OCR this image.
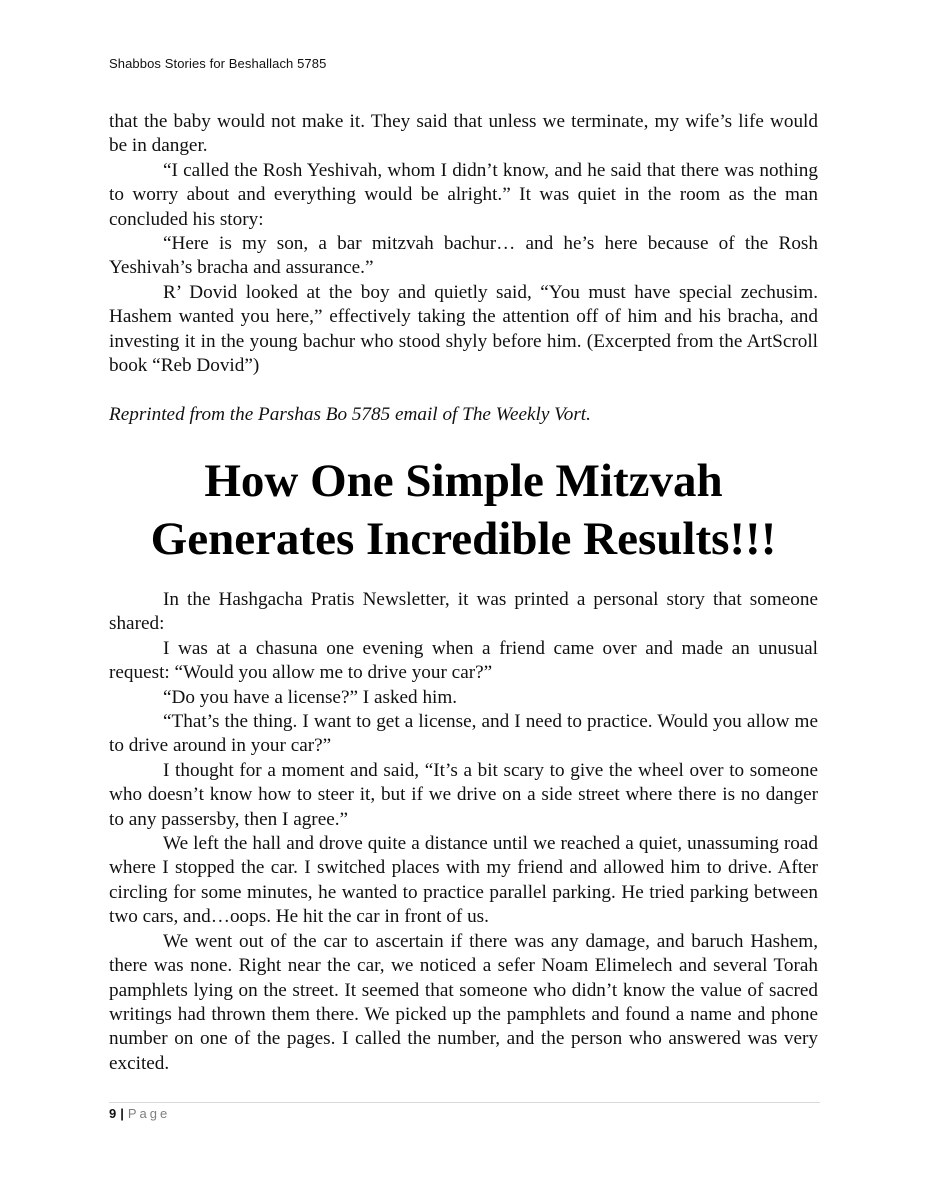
Shabbos Stories for Beshallach 5785

that the baby would not make it. They said that unless we terminate, my wife’s life would be in danger.

“I called the Rosh Yeshivah, whom I didn’t know, and he said that there was nothing to worry about and everything would be alright.” It was quiet in the room as the man concluded his story:

“Here is my son, a bar mitzvah bachur… and he’s here because of the Rosh Yeshivah’s bracha and assurance.”

R’ Dovid looked at the boy and quietly said, “You must have special zechusim. Hashem wanted you here,” effectively taking the attention off of him and his bracha, and investing it in the young bachur who stood shyly before him. (Excerpted from the ArtScroll book “Reb Dovid”)

Reprinted from the Parshas Bo 5785 email of The Weekly Vort.
How One Simple Mitzvah
Generates Incredible Results!!!

In the Hashgacha Pratis Newsletter, it was printed a personal story that someone shared:

I was at a chasuna one evening when a friend came over and made an unusual request: “Would you allow me to drive your car?”

“Do you have a license?” I asked him.

“That’s the thing. I want to get a license, and I need to practice. Would you allow me to drive around in your car?”

I thought for a moment and said, “It’s a bit scary to give the wheel over to someone who doesn’t know how to steer it, but if we drive on a side street where there is no danger to any passersby, then I agree.”

We left the hall and drove quite a distance until we reached a quiet, unassuming road where I stopped the car. I switched places with my friend and allowed him to drive. After circling for some minutes, he wanted to practice parallel parking. He tried parking between two cars, and…oops. He hit the car in front of us.

We went out of the car to ascertain if there was any damage, and baruch Hashem, there was none. Right near the car, we noticed a sefer Noam Elimelech and several Torah pamphlets lying on the street. It seemed that someone who didn’t know the value of sacred writings had thrown them there. We picked up the pamphlets and found a name and phone number on one of the pages. I called the number, and the person who answered was very excited.

9 | Page
